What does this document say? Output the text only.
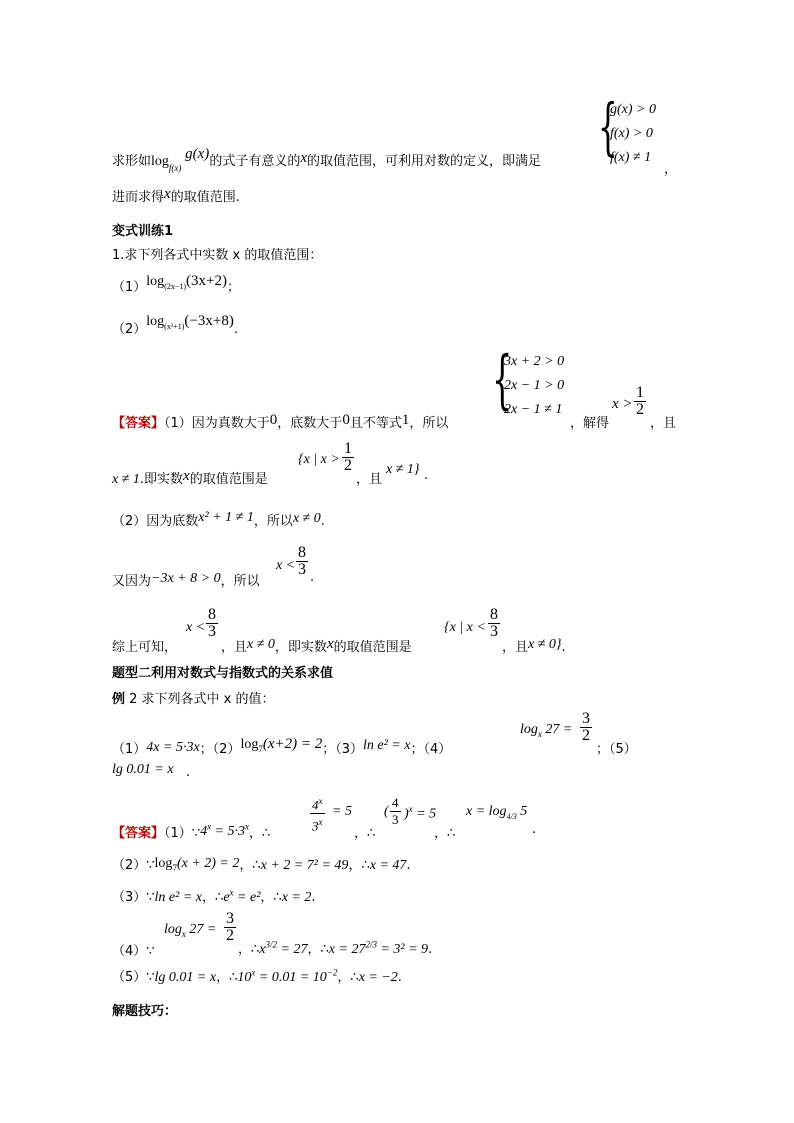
{
g(x) > 0
f(x) > 0
f(x) ≠ 1
求形如$\log_{f(x)} g(x)$的式子有意义的x的取值范围，可利用对数的定义，即满足
，
进而求得x的取值范围.
变式训练1
1.求下列各式中实数 x 的取值范围：
$(1)\log_{(2x-1)}(3x+2)$；
$(2)\log_{(x^2+1)}(-3x+8)$.
{
3x + 2 > 0
2x − 1 > 0
2x − 1 ≠ 1
【答案】（1）因为真数大于0，底数大于0且不等式1，所以	，解得
$x > \frac{1}{2}$
，且
x ≠ 1.即实数x的取值范围是
{x | $x > \frac{1}{2}$
，且
x ≠ 1} .
（2）因为底数x² + 1 ≠ 1，所以x ≠ 0.
又因为−3x + 8 > 0，所以
$x < \frac{8}{3}$ .
综上可知，
$x < \frac{8}{3}$
，且x ≠ 0，即实数x的取值范围是
{x | $x < \frac{8}{3}$
，且x ≠ 0}.
题型二利用对数式与指数式的关系求值
例 2 求下列各式中 x 的值：
（1）4x = 5·3x；$(2)\log_7(x+2) = 2$；（3）ln e² = x；（4）
$\log_x 27 = \frac{3}{2}$
；（5）
lg 0.01 = x .
【答案】$(1)\because 4^x = 5\cdot 3^x$，∴	$\frac{4^x}{3^x} = 5$
，∴
( $\frac{4}{3} )^x = 5$
，∴
$x = \log_{4/3} 5$
.
$(2)\because\log_7(x + 2) = 2$，∴x + 2 = 7² = 49，∴x = 47.
（3）∵ln e² = x，$\therefore e^x = e^2$，∴x = 2.
（4）∵
$\log_x 27 = \frac{3}{2}$
，$\therefore x^{3/2} = 27$，∴x = $27^{2/3} = 3^2 = 9$.
（5）∵lg 0.01 = x，$\therefore 10^x = 0.01 = 10^{-2}$，∴x = −2.
解题技巧：
